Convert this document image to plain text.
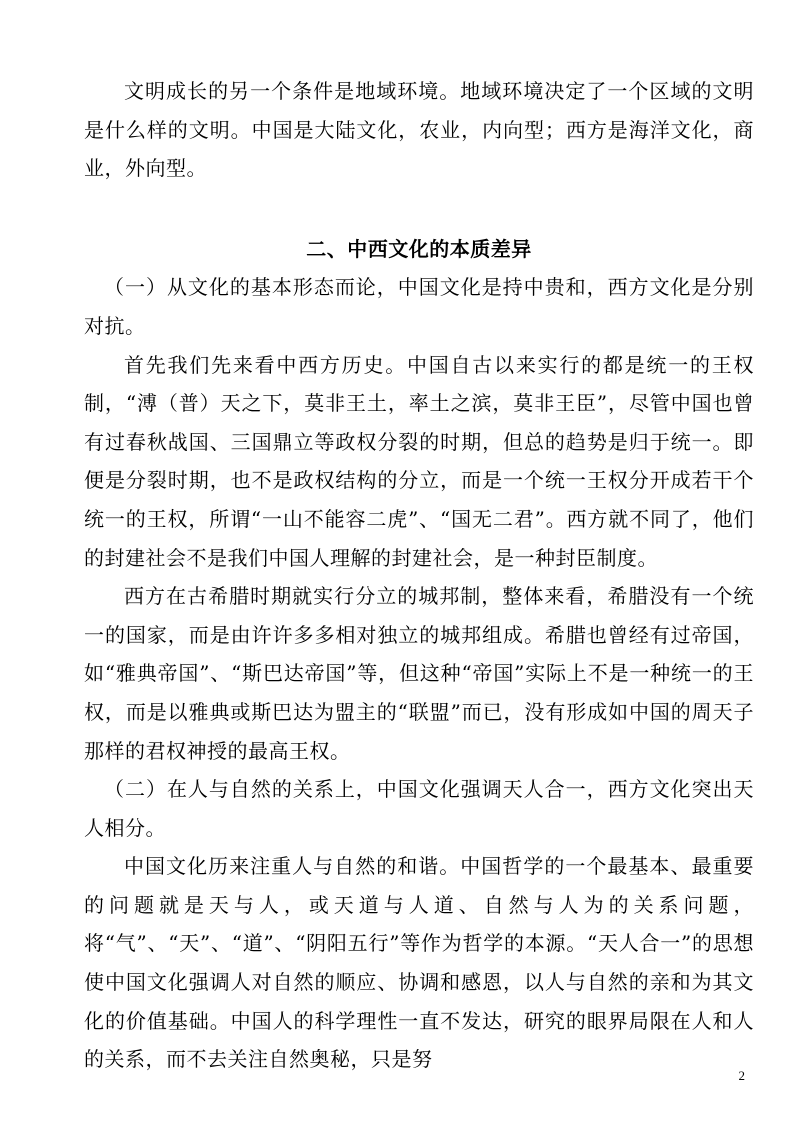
文明成长的另一个条件是地域环境。地域环境决定了一个区域的文明是什么样的文明。中国是大陆文化，农业，内向型；西方是海洋文化，商业，外向型。

二、中西文化的本质差异

（一）从文化的基本形态而论，中国文化是持中贵和，西方文化是分别对抗。

首先我们先来看中西方历史。中国自古以来实行的都是统一的王权制，“溥（普）天之下，莫非王土，率土之滨，莫非王臣”，尽管中国也曾有过春秋战国、三国鼎立等政权分裂的时期，但总的趋势是归于统一。即便是分裂时期，也不是政权结构的分立，而是一个统一王权分开成若干个统一的王权，所谓“一山不能容二虎”、“国无二君”。西方就不同了，他们的封建社会不是我们中国人理解的封建社会，是一种封臣制度。

西方在古希腊时期就实行分立的城邦制，整体来看，希腊没有一个统一的国家，而是由许许多多相对独立的城邦组成。希腊也曾经有过帝国，如“雅典帝国”、“斯巴达帝国”等，但这种“帝国”实际上不是一种统一的王权，而是以雅典或斯巴达为盟主的“联盟”而已，没有形成如中国的周天子那样的君权神授的最高王权。

（二）在人与自然的关系上，中国文化强调天人合一，西方文化突出天人相分。

中国文化历来注重人与自然的和谐。中国哲学的一个最基本、最重要的问题就是天与人，或天道与人道、自然与人为的关系问题，将“气”、“天”、“道”、“阴阳五行”等作为哲学的本源。“天人合一”的思想使中国文化强调人对自然的顺应、协调和感恩，以人与自然的亲和为其文化的价值基础。中国人的科学理性一直不发达，研究的眼界局限在人和人的关系，而不去关注自然奥秘，只是努

2
